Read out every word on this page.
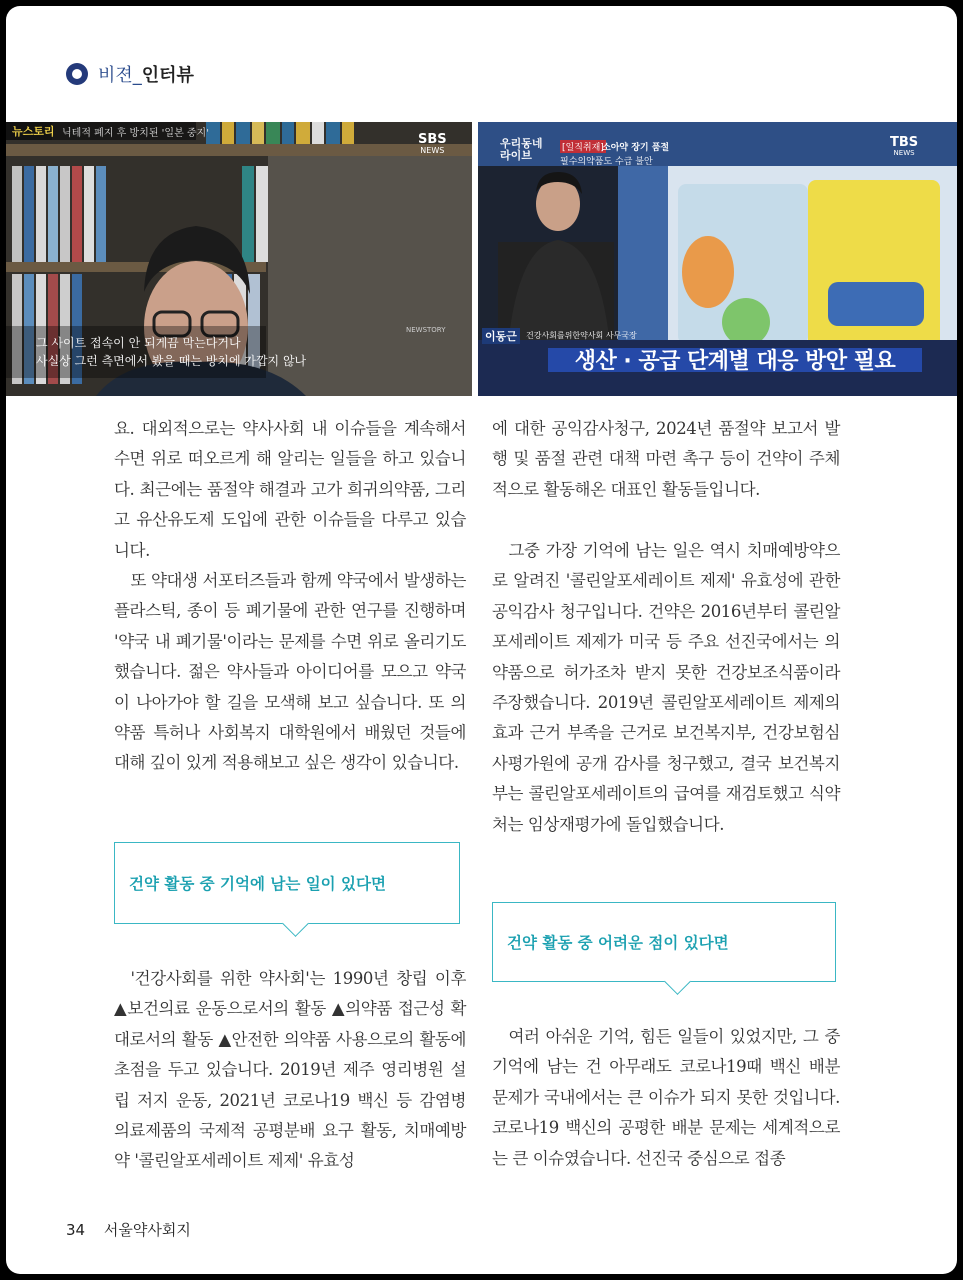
비젼_ 인터뷰
뉴스토리 닉테적 폐지 후 방치된 '일본 중지'	SBS
NEWS
NEWSTORY
그 사이트 접속이 안 되게끔 막는다거나
사실상 그런 측면에서 봤을 때는 방치에 가깝지 않나
우리동네
라이브
[일직취재]
소아약 장기 품절
필수의약품도 수급 불안
TBS
NEWS
이동근	건강사회를위한약사회 사무국장
생산 · 공급 단계별 대응 방안 필요

요. 대외적으로는 약사사회 내 이슈들을 계속해서 수면 위로 떠오르게 해 알리는 일들을 하고 있습니다. 최근에는 품절약 해결과 고가 희귀의약품, 그리고 유산유도제 도입에 관한 이슈들을 다루고 있습니다.

또 약대생 서포터즈들과 함께 약국에서 발생하는 플라스틱, 종이 등 폐기물에 관한 연구를 진행하며 '약국 내 폐기물'이라는 문제를 수면 위로 올리기도 했습니다. 젊은 약사들과 아이디어를 모으고 약국이 나아가야 할 길을 모색해 보고 싶습니다. 또 의약품 특허나 사회복지 대학원에서 배웠던 것들에 대해 깊이 있게 적용해보고 싶은 생각이 있습니다.

건약 활동 중 기억에 남는 일이 있다면

'건강사회를 위한 약사회'는 1990년 창립 이후 ▲보건의료 운동으로서의 활동 ▲의약품 접근성 확대로서의 활동 ▲안전한 의약품 사용으로의 활동에 초점을 두고 있습니다. 2019년 제주 영리병원 설립 저지 운동, 2021년 코로나19 백신 등 감염병 의료제품의 국제적 공평분배 요구 활동, 치매예방약 '콜린알포세레이트 제제' 유효성

에 대한 공익감사청구, 2024년 품절약 보고서 발행 및 품절 관련 대책 마련 촉구 등이 건약이 주체적으로 활동해온 대표인 활동들입니다.

그중 가장 기억에 남는 일은 역시 치매예방약으로 알려진 '콜린알포세레이트 제제' 유효성에 관한 공익감사 청구입니다. 건약은 2016년부터 콜린알포세레이트 제제가 미국 등 주요 선진국에서는 의약품으로 허가조차 받지 못한 건강보조식품이라 주장했습니다. 2019년 콜린알포세레이트 제제의 효과 근거 부족을 근거로 보건복지부, 건강보험심사평가원에 공개 감사를 청구했고, 결국 보건복지부는 콜린알포세레이트의 급여를 재검토했고 식약처는 임상재평가에 돌입했습니다.

건약 활동 중 어려운 점이 있다면

여러 아쉬운 기억, 힘든 일들이 있었지만, 그 중 기억에 남는 건 아무래도 코로나19때 백신 배분 문제가 국내에서는 큰 이슈가 되지 못한 것입니다. 코로나19 백신의 공평한 배분 문제는 세계적으로는 큰 이슈였습니다. 선진국 중심으로 접종

34 서울약사회지
